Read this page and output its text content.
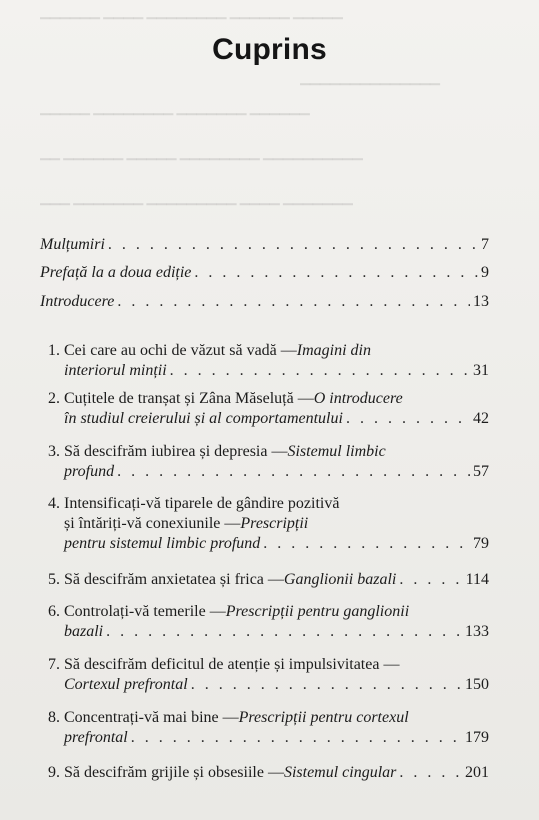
▁▁▁▁▁▁ ▁▁▁▁ ▁▁▁▁▁▁▁▁ ▁▁▁▁▁▁ ▁▁▁▁▁
▁▁▁▁▁▁▁▁▁▁▁▁▁▁
▁▁▁▁▁ ▁▁▁▁▁▁▁▁ ▁▁▁▁▁▁▁ ▁▁▁▁▁▁
▁▁ ▁▁▁▁▁▁ ▁▁▁▁▁ ▁▁▁▁▁▁▁▁ ▁▁▁▁▁▁▁▁▁▁
▁▁▁ ▁▁▁▁▁▁▁ ▁▁▁▁▁▁▁▁▁ ▁▁▁▁ ▁▁▁▁▁▁▁
Cuprins
Mulțumiri . . .	7
Prefață la a doua ediție . . .	9
Introducere . . .	13
1.
Cei care au ochi de văzut să vadă — Imagini din
interiorul minții . . .	31
2.
Cuțitele de tranșat și Zâna Măseluță — O introducere
în studiul creierului și al comportamentului . . .	42
3.
Să descifrăm iubirea și depresia — Sistemul limbic
profund . . .	57
4.
Intensificați-vă tiparele de gândire pozitivă
și întăriți-vă conexiunile — Prescripții
pentru sistemul limbic profund . . .	79
5.
Să descifrăm anxietatea și frica — Ganglionii bazali . . .	114
6.
Controlați-vă temerile — Prescripții pentru ganglionii
bazali . . .	133
7.
Să descifrăm deficitul de atenție și impulsivitatea —
Cortexul prefrontal . . .	150
8.
Concentrați-vă mai bine — Prescripții pentru cortexul
prefrontal . . .	179
9.
Să descifrăm grijile și obsesiile — Sistemul cingular . . .	201
